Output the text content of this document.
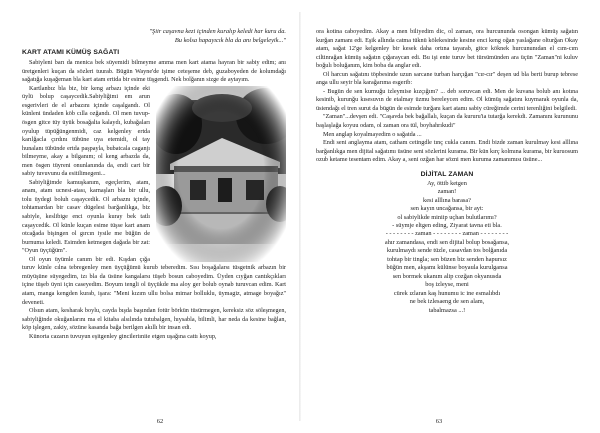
"Şiir caşavna kezi içinden kuralıp keledi har kuru da.

Bu kolsa hapayıcık bla da anı belgeleyik..."

KART ATAMI KÜMÜŞ SAĞATI

Sabiyleni barı da menica bek süyemidi bilmeyme amma men kart atama hayran bir sabiy edim; anı üretgenleri kuçan da sözleri tuurab. Bügün Wayne'de işime ceteşeme deb, guzaboyeden de kolumdağı sağatığa kuşağeman bla kart atam ertida bir esime tüşgendi. Nek bolğanın sizge de aytayım.

Kartlanbız bla biz, bir keng arbazı içinde eki üylü bolup caşaycedik.Sabiyliğimi em arun esgerivleri de el arbazını içinde caşalgandı. Ol künleni ündaden köb cılla ozğandı. Ol men tuvup-ösgen gitce tüy üyük bosağalta kalaydı, kubağaları oyulup tüpüğüngenmidi, caz kelgenley ertda karılğacla çırdını tübüne uya etemidi, ol tay hunalanı tübünde ertda paşpayla, bubatcala caganjı bilmeyme, akay a bilganım; ol keng arbazda da, men ösgen tüyreni onunlanında da, endi cart bir sabiy tuvuvunu da esitilimegeni...

Sabiyliğimde kamuşkanım, egeçlerim, atam, anam, atam ucnesi-atası, karnaşları bla bir ullu, tolu üydegi boluh caşaycedik. Ol arbaznı içinde, tohtamardan bir casav dügelesi barğanlikga, biz sabiyle, keslibige enci oyunla kuray bek tatlı caşaycedik. Ol künle kuçan esime tüşse kart anam otcağada bişingen ol gırcın iysile me büğün de burnuma keledi. Esimden ketmegen dağada bir zat: "Oyun üyçüğüm".

Ol oyun üyümle canım bir edi. Kışdan çığa turuv künle cılna tebregenley men üyçüğümü kurub teberedim. Sısı boşağalarsı tüsgetnik arbazın bir müyüşüne süyegedim, izı bla da üsüne kangalarsı tüşeb bosun caboyedim. Üyden cıyğan cantıkçıkları içine tüşeb üyni için caseyedim. Boyum tengli ol üyçükde ma aloy ger bolub oynab turuvcan edim. Kart atam, manga kengden kurab, işara: "Meni kızım ullu bolsa mimar bolluklu, üymagiz, atmage boyağız" deveneti.

Olsun atam, kesharak boylu, cayda bışda başından fotür börkün tüsürmegen, kereksiz söz söleşmegen, sabiyliğinde okuğanlarını ma el kitaba alsılında tutubalgen, hıysabla, bilimli, har neda da kesine bağlan, köp işlegen, zakiy, sözüne kasanda bağa berilgen akıllı bir insan edi.

Künorta cazarın tuvuyun eşitgenley gincileriıniie etgen uşağına cattı koyup,

62

ora kotina caboyedim. Akay a men biliyedim dic, ol zaman, ora hurcununda osongan kümüş sağatın kurğan zamanı edi. Eşik allında catma tüknü kölekesinde kesine enci keng oğan yaslağane olturğan Okay atam, sağat 12'ge kelgenley bir kesek daha ortına tayarab, gitce köknek hurcununıdan el cım-cım ciltinrağan kümüş sağatın çığaraycan edi. Bu işi ente turuv bet türsümünden ara üçün "Zaman"ni kuluv boğulı boluğanım, kim boba da anglar edi.

Ol harcun sağatını töpbesinde uzun sarcane turban harçığan "cır-cır" deşen ud bla berti burup tebrese anga ullu seyir bla karağarıma esgerib:

- Bugün de sen kurnuğu izleymise kızçığım? ... deb soruvcan edi. Men de kuvana bolub anı kotına kesinib, kurunğu kısesuvın de etalmay üzmu bereleycen edim. Ol kümüş sağatını kuymarak oyunla da, üsiendağı el tren surut da bügün de esimde turğanı kart atamı sabiy cüreğimde cerini terenliğini belgiledi.

"Zaman"...devşen edi. "Caşavda bek bağallalı, kuçan da kururu'ia tutarğa kerekdi. Zamanını kurununu başlaşlağa koyuu odam, ol zaman ora tül, boyhahrıkudi"

Men anglap koyalmayedim o sağatda ...

Endi seni anglayma atam, catham cetingdle tınç cukla canım. Endi bizde zaman kurulmay kesi alllına barğanlıkga men dijital sağatımı üsüne seni sözlerini kurama. Bir kün kırç kolmına kurama, bir kuruosum ozub ketame tesentam edim. Akay a, seni ozğan har sözni men kuruma zamanımısı üsüne...

DİJİTAL ZAMAN
Ay, öttib ketgen
zaman!
kesi alllına barasa?
sen kayın uncağansa, bir ayt:
ol sabiylikde miniip uçhan bulutlarımı?
- süymje eltgen eding, Ziyarat tavna eti bla.
- - - - - - - - zaman - - - - - - - - zaman - - - - - - - -
ahır zamandasa, endi sen dijital bolup bosağansa,
kurulmaydı sende tüzle, casavdan tos bolğanıda
tohtap bir tingla; sen büzen biz senden hapursız
büğün men, akşamı külünse boyaula kurulgansa
sen bormek ukanım alip cozğan okyanusda
boş izleyse, meni
cürek ızlaran kaş hunumu ic ine esmalıbdı
ne bek izlesaeng de sen alam,
tabalmazsa ...!
63
